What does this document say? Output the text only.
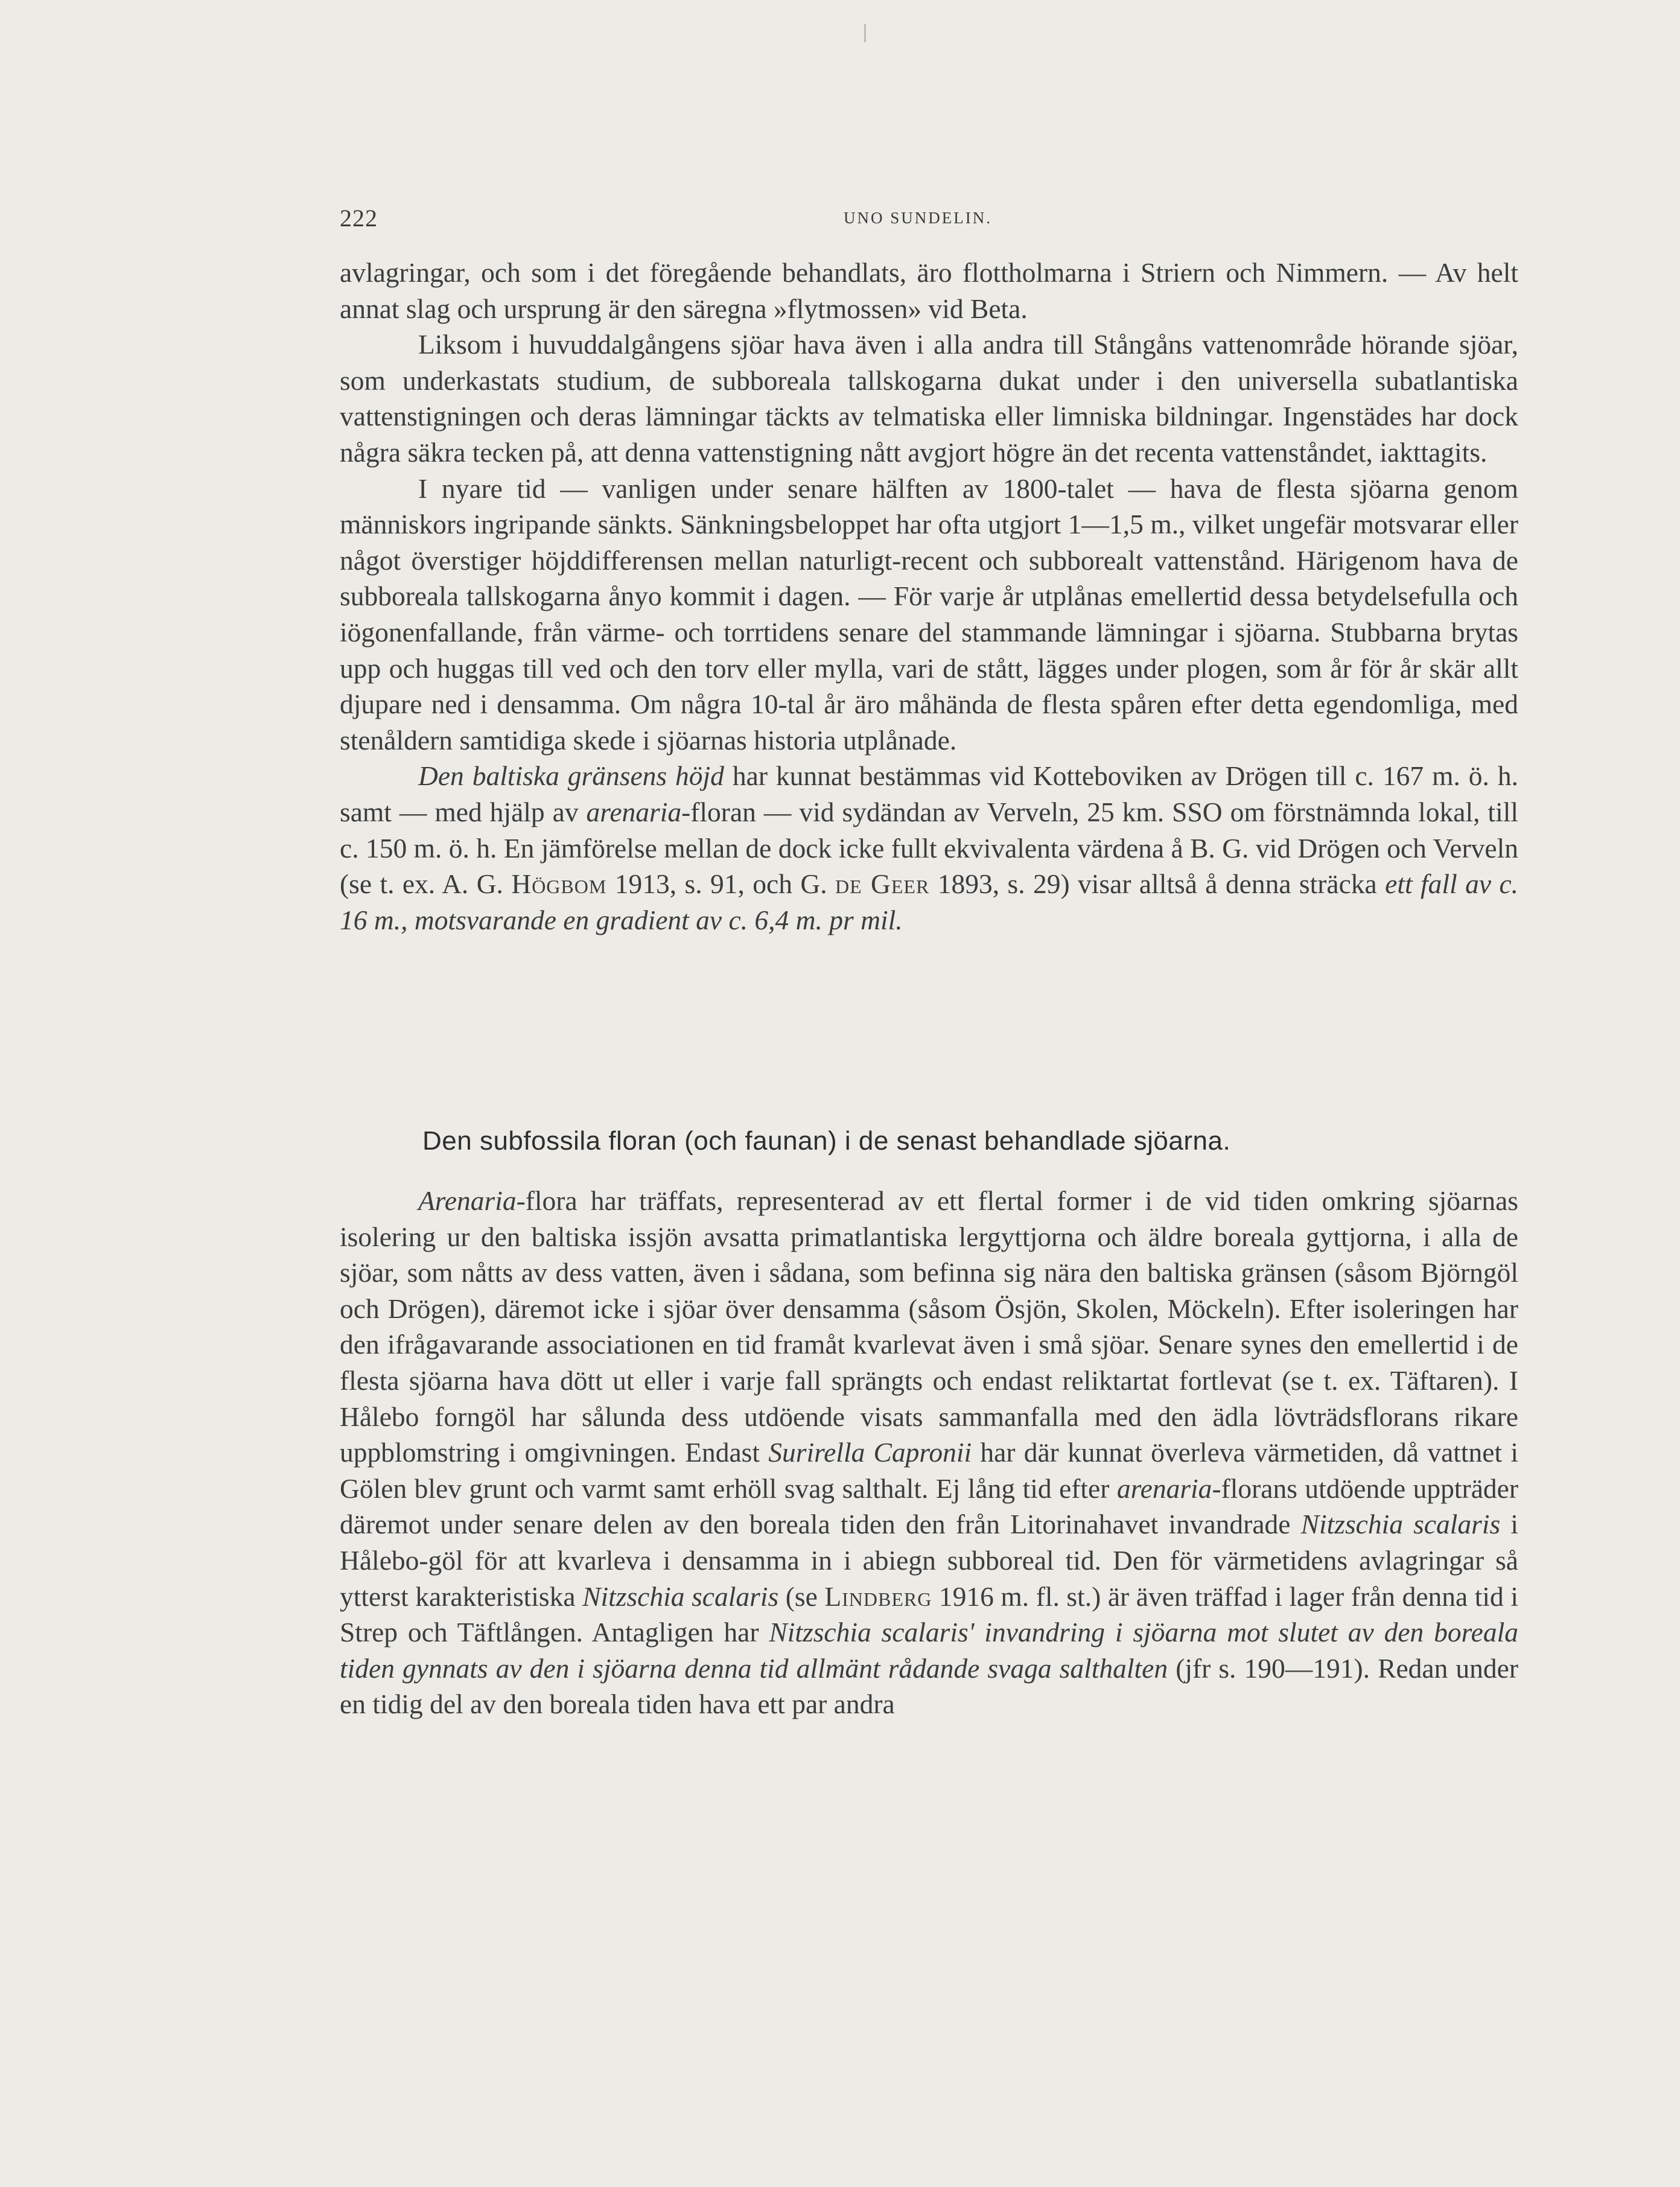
222	UNO SUNDELIN.

avlagringar, och som i det föregående behandlats, äro flottholmarna i Striern och Nimmern. — Av helt annat slag och ursprung är den säregna »flytmossen» vid Beta.

Liksom i huvuddalgångens sjöar hava även i alla andra till Stångåns vattenområde hörande sjöar, som underkastats studium, de subboreala tallskogarna dukat under i den universella subatlantiska vattenstigningen och deras lämningar täckts av telmatiska eller limniska bildningar. Ingenstädes har dock några säkra tecken på, att denna vattenstigning nått avgjort högre än det recenta vattenståndet, iakttagits.

I nyare tid — vanligen under senare hälften av 1800-talet — hava de flesta sjöarna genom människors ingripande sänkts. Sänkningsbeloppet har ofta utgjort 1—1,5 m., vilket ungefär motsvarar eller något överstiger höjddifferensen mellan naturligt-recent och subborealt vattenstånd. Härigenom hava de subboreala tallskogarna ånyo kommit i dagen. — För varje år utplånas emellertid dessa betydelsefulla och iögonenfallande, från värme- och torrtidens senare del stammande lämningar i sjöarna. Stubbarna brytas upp och huggas till ved och den torv eller mylla, vari de stått, lägges under plogen, som år för år skär allt djupare ned i densamma. Om några 10-tal år äro måhända de flesta spåren efter detta egendomliga, med stenåldern samtidiga skede i sjöarnas historia utplånade.

Den baltiska gränsens höjd har kunnat bestämmas vid Kotteboviken av Drögen till c. 167 m. ö. h. samt — med hjälp av arenaria-floran — vid sydändan av Verveln, 25 km. SSO om förstnämnda lokal, till c. 150 m. ö. h. En jämförelse mellan de dock icke fullt ekvivalenta värdena å B. G. vid Drögen och Verveln (se t. ex. A. G. Högbom 1913, s. 91, och G. de Geer 1893, s. 29) visar alltså å denna sträcka ett fall av c. 16 m., motsvarande en gradient av c. 6,4 m. pr mil.

Den subfossila floran (och faunan) i de senast behandlade sjöarna.

Arenaria-flora har träffats, representerad av ett flertal former i de vid tiden omkring sjöarnas isolering ur den baltiska issjön avsatta primatlantiska lergyttjorna och äldre boreala gyttjorna, i alla de sjöar, som nåtts av dess vatten, även i sådana, som befinna sig nära den baltiska gränsen (såsom Björngöl och Drögen), däremot icke i sjöar över densamma (såsom Ösjön, Skolen, Möckeln). Efter isoleringen har den ifrågavarande associationen en tid framåt kvarlevat även i små sjöar. Senare synes den emellertid i de flesta sjöarna hava dött ut eller i varje fall sprängts och endast reliktartat fortlevat (se t. ex. Täftaren). I Hålebo forngöl har sålunda dess utdöende visats sammanfalla med den ädla lövträdsflorans rikare uppblomstring i omgivningen. Endast Surirella Capronii har där kunnat överleva värmetiden, då vattnet i Gölen blev grunt och varmt samt erhöll svag salthalt. Ej lång tid efter arenaria-florans utdöende uppträder däremot under senare delen av den boreala tiden den från Litorinahavet invandrade Nitzschia scalaris i Hålebo-göl för att kvarleva i densamma in i abiegn subboreal tid. Den för värmetidens avlagringar så ytterst karakteristiska Nitzschia scalaris (se Lindberg 1916 m. fl. st.) är även träffad i lager från denna tid i Strep och Täftlången. Antagligen har Nitzschia scalaris' invandring i sjöarna mot slutet av den boreala tiden gynnats av den i sjöarna denna tid allmänt rådande svaga salthalten (jfr s. 190—191). Redan under en tidig del av den boreala tiden hava ett par andra
